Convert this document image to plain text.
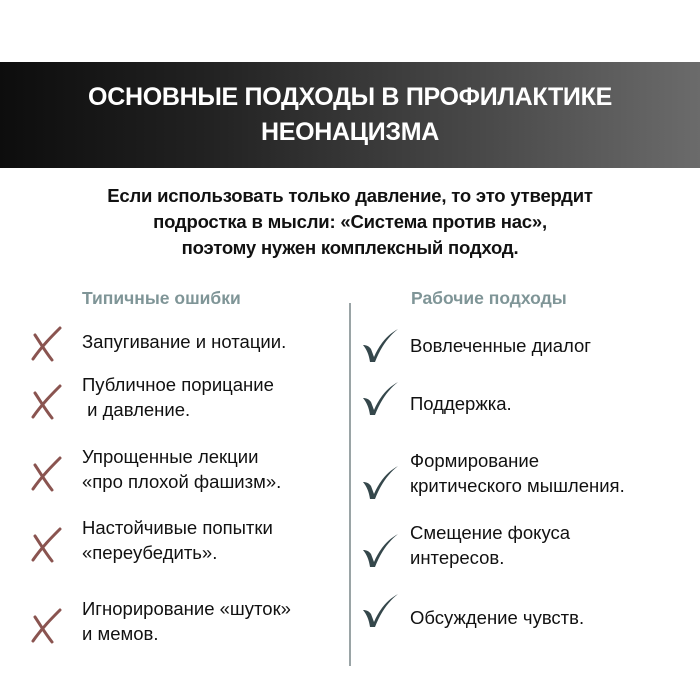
ОСНОВНЫЕ ПОДХОДЫ В ПРОФИЛАКТИКЕ
НЕОНАЦИЗМА
Если использовать только давление, то это утвердит
подростка в мысли: «Система против нас»,
поэтому нужен комплексный подход.
Типичные ошибки	Рабочие подходы
Запугивание и нотации.
Публичное порицание
и давление.
Упрощенные лекции
«про плохой фашизм».
Настойчивые попытки
«переубедить».
Игнорирование «шуток»
и мемов.
Вовлеченные диалог
Поддержка.
Формирование
критического мышления.
Смещение фокуса
интересов.
Обсуждение чувств.
